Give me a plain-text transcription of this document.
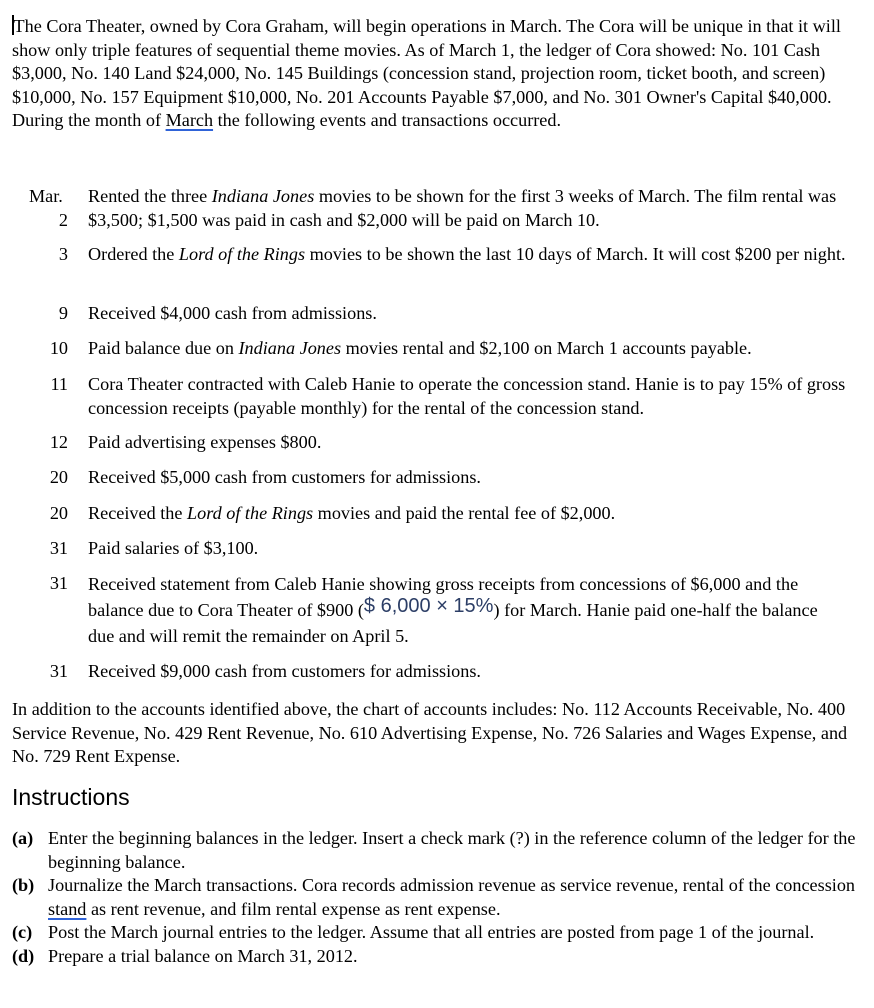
The Cora Theater, owned by Cora Graham, will begin operations in March. The Cora will be unique in that it will show only triple features of sequential theme movies. As of March 1, the ledger of Cora showed: No. 101 Cash $3,000, No. 140 Land $24,000, No. 145 Buildings (concession stand, projection room, ticket booth, and screen) $10,000, No. 157 Equipment $10,000, No. 201 Accounts Payable $7,000, and No. 301 Owner's Capital $40,000. During the month of March the following events and transactions occurred.

Mar.
2
Rented the three Indiana Jones movies to be shown for the first 3 weeks of March. The film rental was $3,500; $1,500 was paid in cash and $2,000 will be paid on March 10.
3 Ordered the Lord of the Rings movies to be shown the last 10 days of March. It will cost $200 per night.
9 Received $4,000 cash from admissions.
10 Paid balance due on Indiana Jones movies rental and $2,100 on March 1 accounts payable.
11 Cora Theater contracted with Caleb Hanie to operate the concession stand. Hanie is to pay 15% of gross concession receipts (payable monthly) for the rental of the concession stand.
12 Paid advertising expenses $800.
20 Received $5,000 cash from customers for admissions.
20 Received the Lord of the Rings movies and paid the rental fee of $2,000.
31 Paid salaries of $3,100.
31 Received statement from Caleb Hanie showing gross receipts from concessions of $6,000 and the balance due to Cora Theater of $900 ($ 6,000 × 15%) for March. Hanie paid one-half the balance due and will remit the remainder on April 5.
31 Received $9,000 cash from customers for admissions.

In addition to the accounts identified above, the chart of accounts includes: No. 112 Accounts Receivable, No. 400 Service Revenue, No. 429 Rent Revenue, No. 610 Advertising Expense, No. 726 Salaries and Wages Expense, and No. 729 Rent Expense.

Instructions
(a) Enter the beginning balances in the ledger. Insert a check mark (?) in the reference column of the ledger for the beginning balance.
(b) Journalize the March transactions. Cora records admission revenue as service revenue, rental of the concession stand as rent revenue, and film rental expense as rent expense.
(c) Post the March journal entries to the ledger. Assume that all entries are posted from page 1 of the journal.
(d) Prepare a trial balance on March 31, 2012.
